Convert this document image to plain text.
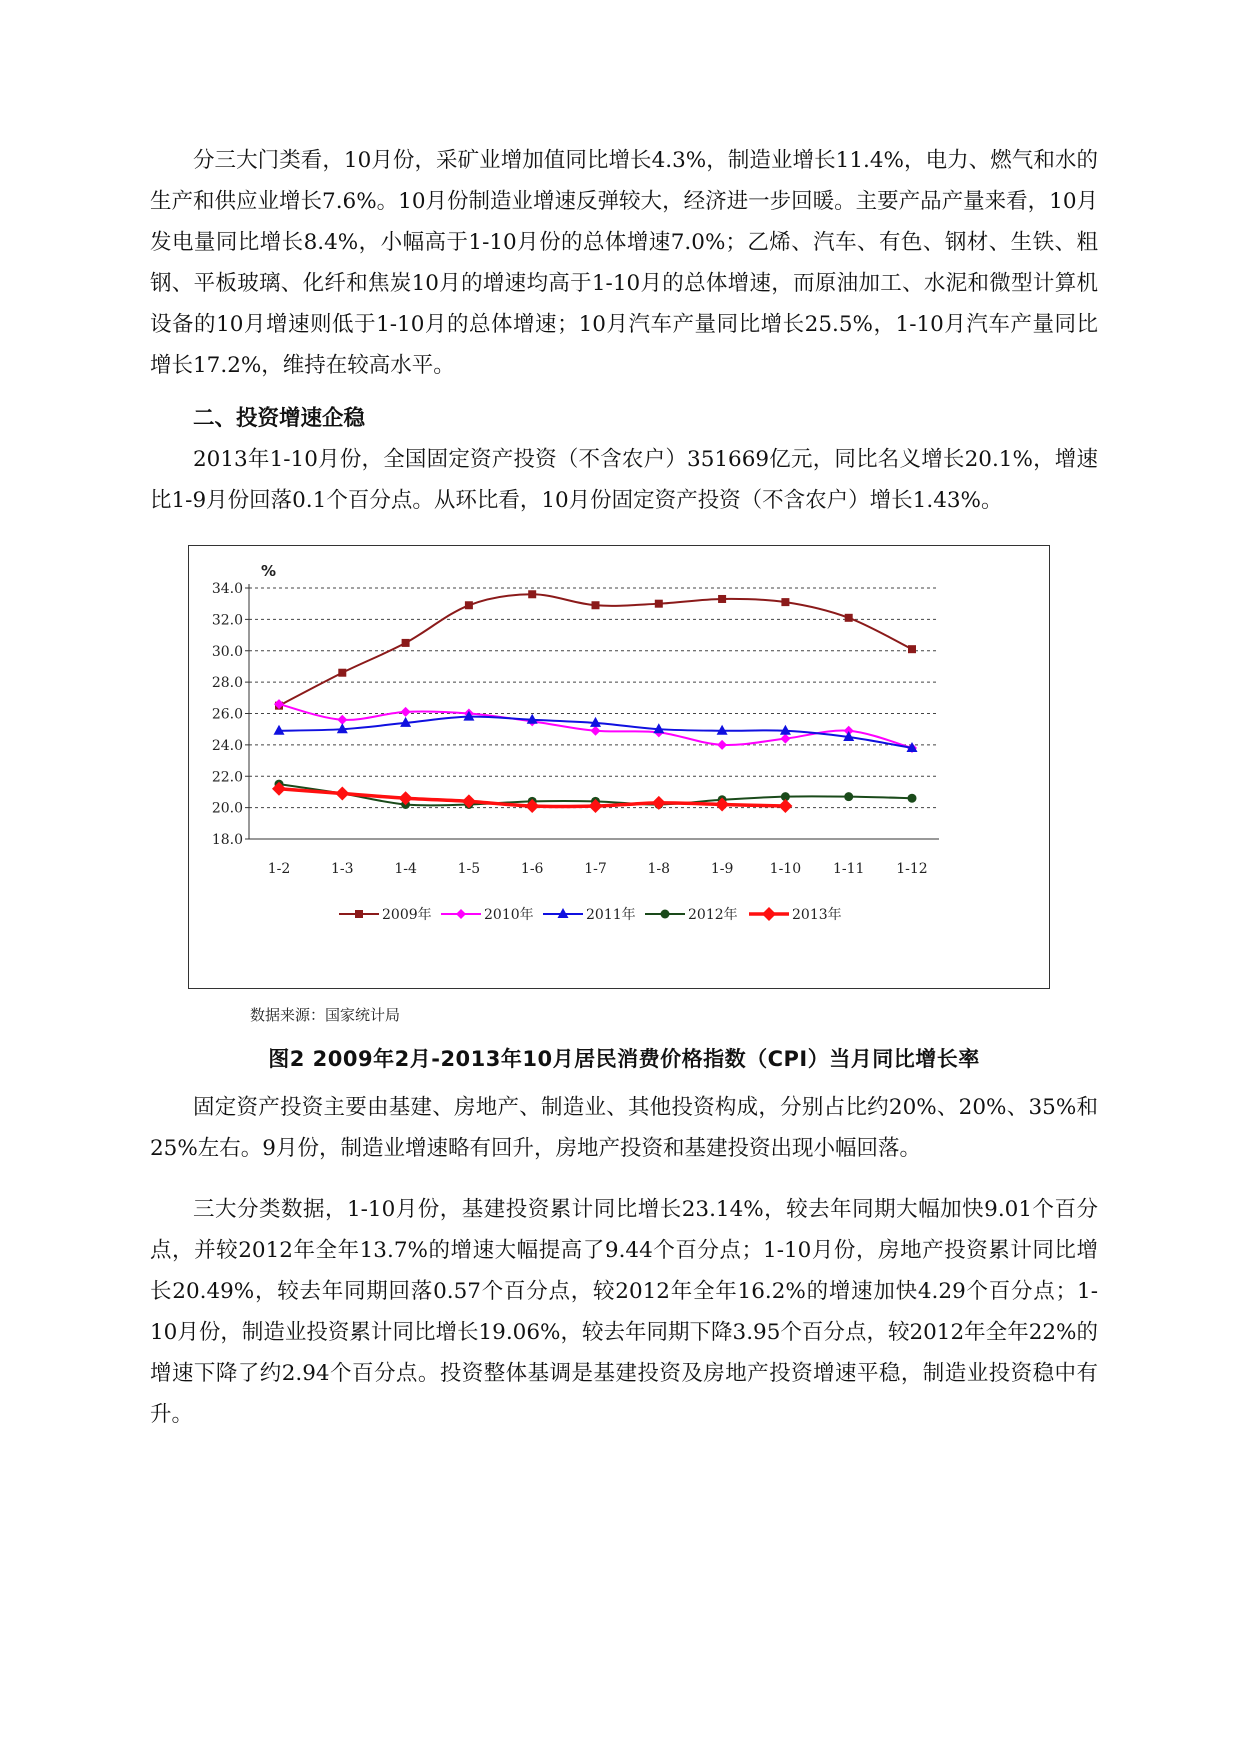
分三大门类看，10月份，采矿业增加值同比增长4.3%，制造业增长11.4%，电力、燃气和水的生产和供应业增长7.6%。10月份制造业增速反弹较大，经济进一步回暖。主要产品产量来看，10月发电量同比增长8.4%，小幅高于1-10月份的总体增速7.0%；乙烯、汽车、有色、钢材、生铁、粗钢、平板玻璃、化纤和焦炭10月的增速均高于1-10月的总体增速，而原油加工、水泥和微型计算机设备的10月增速则低于1-10月的总体增速；10月汽车产量同比增长25.5%，1-10月汽车产量同比增长17.2%，维持在较高水平。

二、投资增速企稳

2013年1-10月份，全国固定资产投资（不含农户）351669亿元，同比名义增长20.1%，增速比1-9月份回落0.1个百分点。从环比看，10月份固定资产投资（不含农户）增长1.43%。

18.0
20.0
22.0
24.0
26.0
28.0
30.0
32.0
34.0
%
1-2	1-3	1-4	1-5	1-6	1-7	1-8	1-9	1-10 1-11 1-12
2009年	2010年	2011年	2012年	2013年
数据来源：国家统计局
图2 2009年2月-2013年10月居民消费价格指数（CPI）当月同比增长率

固定资产投资主要由基建、房地产、制造业、其他投资构成，分别占比约20%、20%、35%和25%左右。9月份，制造业增速略有回升，房地产投资和基建投资出现小幅回落。

三大分类数据，1-10月份，基建投资累计同比增长23.14%，较去年同期大幅加快9.01个百分点，并较2012年全年13.7%的增速大幅提高了9.44个百分点；1-10月份，房地产投资累计同比增长20.49%，较去年同期回落0.57个百分点，较2012年全年16.2%的增速加快4.29个百分点；1-10月份，制造业投资累计同比增长19.06%，较去年同期下降3.95个百分点，较2012年全年22%的增速下降了约2.94个百分点。投资整体基调是基建投资及房地产投资增速平稳，制造业投资稳中有升。
